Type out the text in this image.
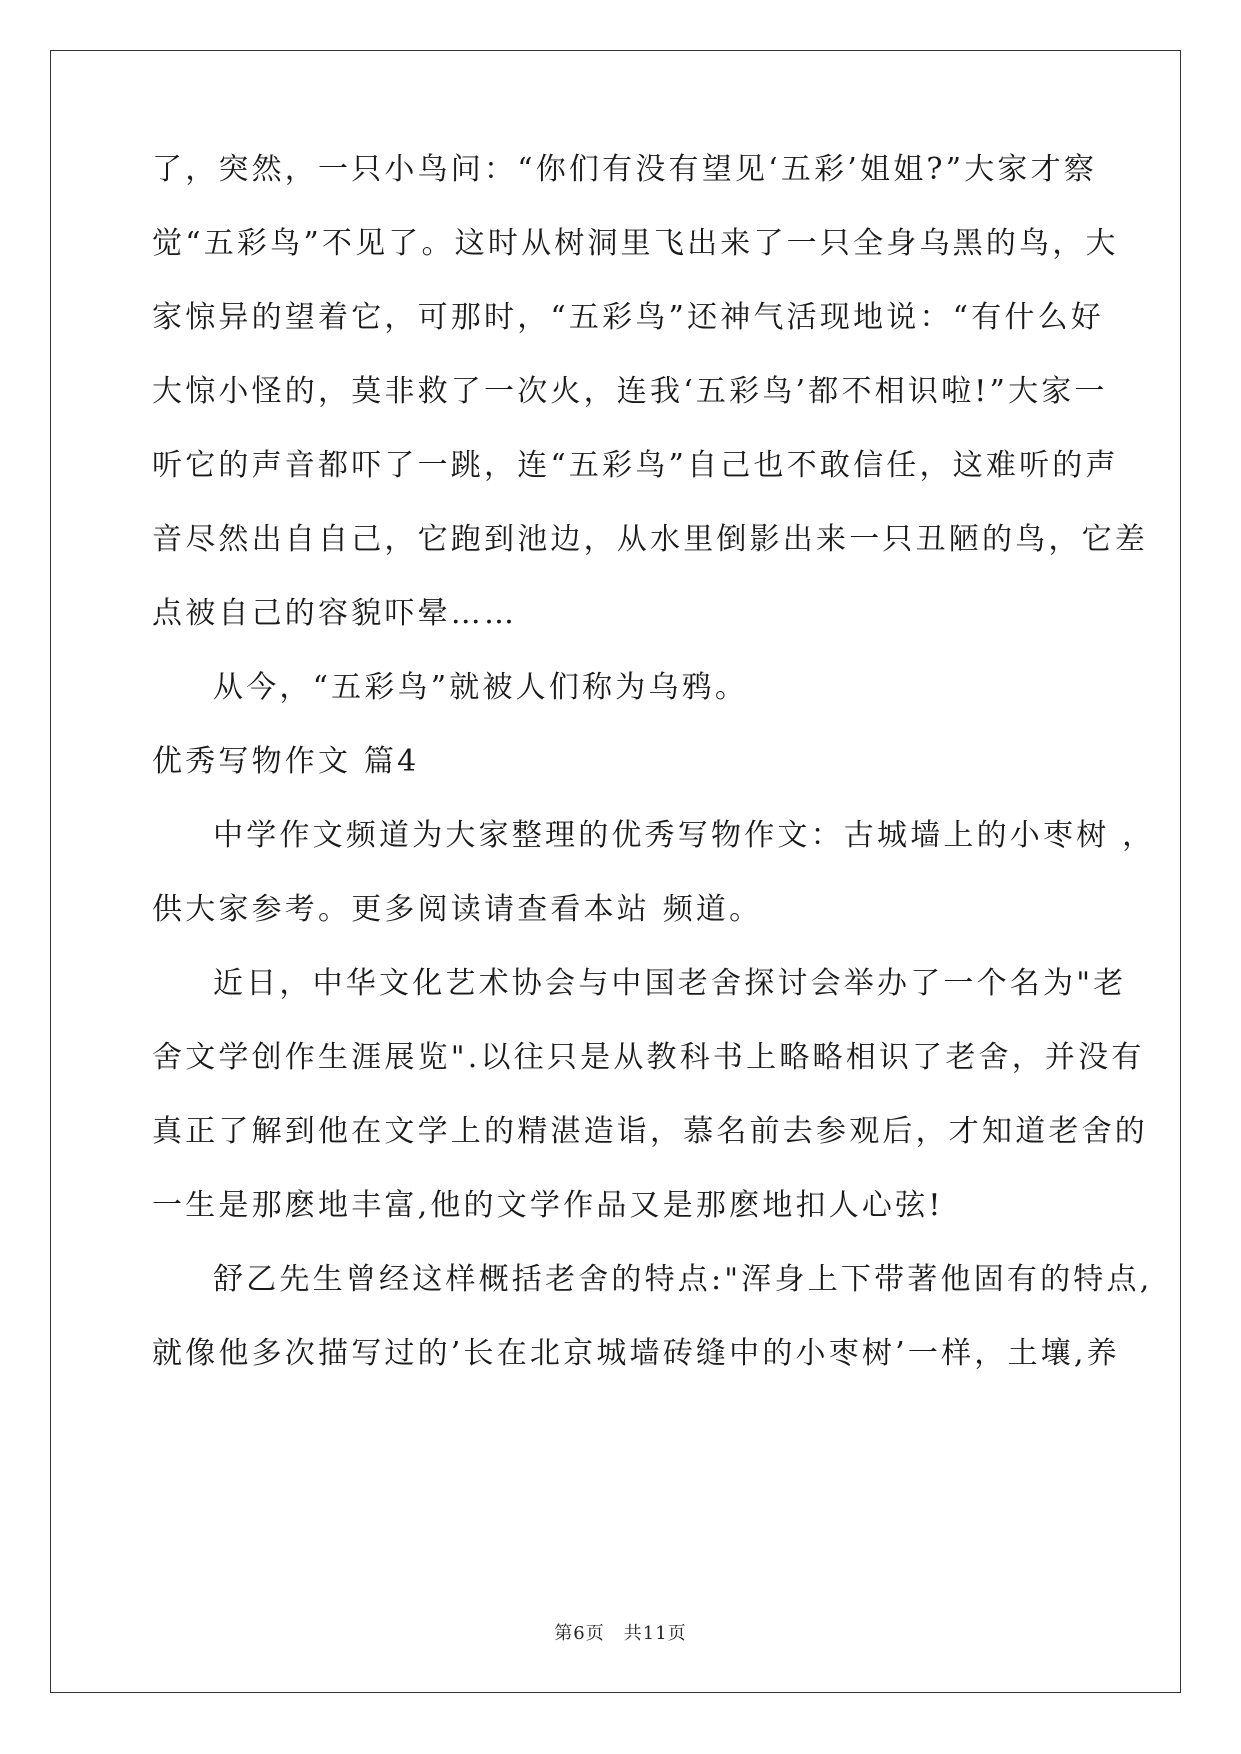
了，突然，一只小鸟问：“你们有没有望见‘五彩’姐姐?”大家才察
觉“五彩鸟”不见了。这时从树洞里飞出来了一只全身乌黑的鸟，大
家惊异的望着它，可那时，“五彩鸟”还神气活现地说：“有什么好
大惊小怪的，莫非救了一次火，连我‘五彩鸟’都不相识啦!”大家一
听它的声音都吓了一跳，连“五彩鸟”自己也不敢信任，这难听的声
音尽然出自自己，它跑到池边，从水里倒影出来一只丑陋的鸟，它差
点被自己的容貌吓晕……
从今，“五彩鸟”就被人们称为乌鸦。
优秀写物作文 篇4
中学作文频道为大家整理的优秀写物作文：古城墙上的小枣树 ，
供大家参考。更多阅读请查看本站 频道。
近日，中华文化艺术协会与中国老舍探讨会举办了一个名为"老
舍文学创作生涯展览".以往只是从教科书上略略相识了老舍，并没有
真正了解到他在文学上的精湛造诣，慕名前去参观后，才知道老舍的
一生是那麽地丰富,他的文学作品又是那麽地扣人心弦!
舒乙先生曾经这样概括老舍的特点:"浑身上下带著他固有的特点,
就像他多次描写过的’长在北京城墙砖缝中的小枣树’一样，土壤,养
第6页　共11页
